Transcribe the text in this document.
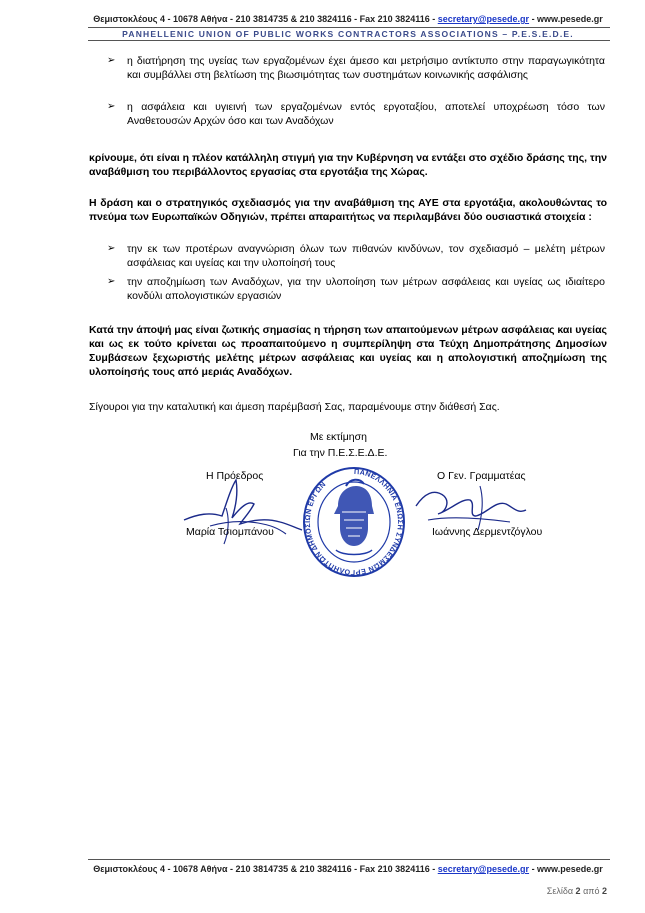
Θεμιστοκλέους 4 - 10678 Αθήνα - 210 3814735 & 210 3824116 - Fax 210 3824116 - secretary@pesede.gr - www.pesede.gr
PANHELLENIC UNION OF PUBLIC WORKS CONTRACTORS ASSOCIATIONS – P.E.S.E.D.E.
➢ η διατήρηση της υγείας των εργαζομένων έχει άμεσο και μετρήσιμο αντίκτυπο στην παραγωγικότητα και συμβάλλει στη βελτίωση της βιωσιμότητας των συστημάτων κοινωνικής ασφάλισης
➢ η ασφάλεια και υγιεινή των εργαζομένων εντός εργοταξίου, αποτελεί υποχρέωση τόσο των Αναθετουσών Αρχών όσο και των Αναδόχων
κρίνουμε, ότι είναι η πλέον κατάλληλη στιγμή για την Κυβέρνηση να εντάξει στο σχέδιο δράσης της, την αναβάθμιση του περιβάλλοντος εργασίας στα εργοτάξια της Χώρας.
Η δράση και ο στρατηγικός σχεδιασμός για την αναβάθμιση της ΑΥΕ στα εργοτάξια, ακολουθώντας το πνεύμα των Ευρωπαϊκών Οδηγιών, πρέπει απαραιτήτως να περιλαμβάνει δύο ουσιαστικά στοιχεία :
➢ την εκ των προτέρων αναγνώριση όλων των πιθανών κινδύνων, τον σχεδιασμό – μελέτη μέτρων ασφάλειας και υγείας και την υλοποίησή τους
➢ την αποζημίωση των Αναδόχων, για την υλοποίηση των μέτρων ασφάλειας και υγείας ως ιδιαίτερο κονδύλι απολογιστικών εργασιών
Κατά την άποψή μας είναι ζωτικής σημασίας η τήρηση των απαιτούμενων μέτρων ασφάλειας και υγείας και ως εκ τούτο κρίνεται ως προαπαιτούμενο η συμπερίληψη στα Τεύχη Δημοπράτησης Δημοσίων Συμβάσεων ξεχωριστής μελέτης μέτρων ασφάλειας και υγείας και η απολογιστική αποζημίωση της υλοποίησής τους από μεριάς Αναδόχων.
Σίγουροι για την καταλυτική και άμεση παρέμβασή Σας, παραμένουμε στην διάθεσή Σας.
Με εκτίμηση
Για την Π.Ε.Σ.Ε.Δ.Ε.
Η Πρόεδρος	Ο Γεν. Γραμματέας
ΠΑΝΕΛΛΗΝΙΑ ΕΝΩΣΗ ΣΥΝΔΕΣΜΩΝ ΕΡΓΟΛΗΠΤΩΝ ΔΗΜΟΣΙΩΝ ΕΡΓΩΝ
Μαρία Τσιομπάνου	Ιωάννης Δερμεντζόγλου
Θεμιστοκλέους 4 - 10678 Αθήνα - 210 3814735 & 210 3824116 - Fax 210 3824116 - secretary@pesede.gr - www.pesede.gr
Σελίδα 2 από 2
